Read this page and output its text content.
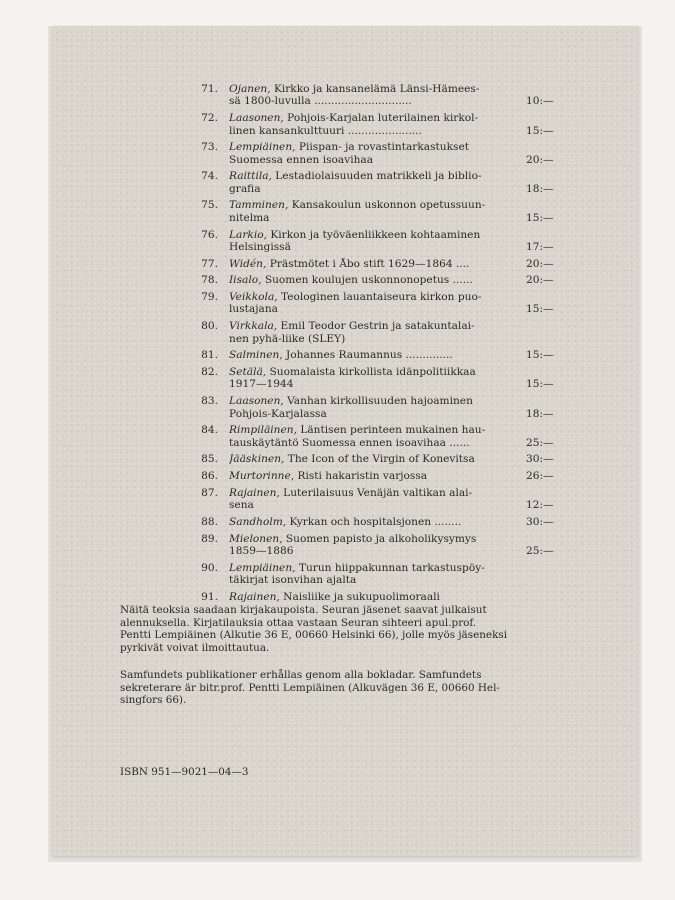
71. Ojanen, Kirkko ja kansanelämä Länsi-Hämees-
sä 1800-luvulla .............................	10:—
72. Laasonen, Pohjois-Karjalan luterilainen kirkol-
linen kansankulttuuri ......................	15:—
73. Lempiäinen, Piispan- ja rovastintarkastukset
Suomessa ennen isoavihaa	20:—
74. Raittila, Lestadiolaisuuden matrikkeli ja biblio-
grafia	18:—
75. Tamminen, Kansakoulun uskonnon opetussuun-
nitelma	15:—
76. Larkio, Kirkon ja työväenliikkeen kohtaaminen
Helsingissä	17:—
77. Widén, Prästmötet i Åbo stift 1629—1864 ....	20:—
78. Iisalo, Suomen koulujen uskonnonopetus ......	20:—
79. Veikkola, Teologinen lauantaiseura kirkon puo-
lustajana	15:—
80. Virkkala, Emil Teodor Gestrin ja satakuntalai-
nen pyhä-liike (SLEY)
81. Salminen, Johannes Raumannus ..............	15:—
82. Setälä, Suomalaista kirkollista idänpolitiikkaa
1917—1944	15:—
83. Laasonen, Vanhan kirkollisuuden hajoaminen
Pohjois-Karjalassa	18:—
84. Rimpiläinen, Läntisen perinteen mukainen hau-
tauskäytäntö Suomessa ennen isoavihaa ......	25:—
85. Jääskinen, The Icon of the Virgin of Konevitsa	30:—
86. Murtorinne, Risti hakaristin varjossa	26:—
87. Rajainen, Luterilaisuus Venäjän valtikan alai-
sena	12:—
88. Sandholm, Kyrkan och hospitalsjonen ........	30:—
89. Mielonen, Suomen papisto ja alkoholikysymys
1859—1886	25:—
90. Lempiäinen, Turun hiippakunnan tarkastuspöy-
täkirjat isonvihan ajalta
91. Rajainen, Naisliike ja sukupuolimoraali
Näitä teoksia saadaan kirjakaupoista. Seuran jäsenet saavat julkaisut
alennuksella. Kirjatilauksia ottaa vastaan Seuran sihteeri apul.prof.
Pentti Lempiäinen (Alkutie 36 E, 00660 Helsinki 66), jolle myös jäseneksi
pyrkivät voivat ilmoittautua.
Samfundets publikationer erhållas genom alla bokladar. Samfundets
sekreterare är bitr.prof. Pentti Lempiäinen (Alkuvägen 36 E, 00660 Hel-
singfors 66).
ISBN 951—9021—04—3
